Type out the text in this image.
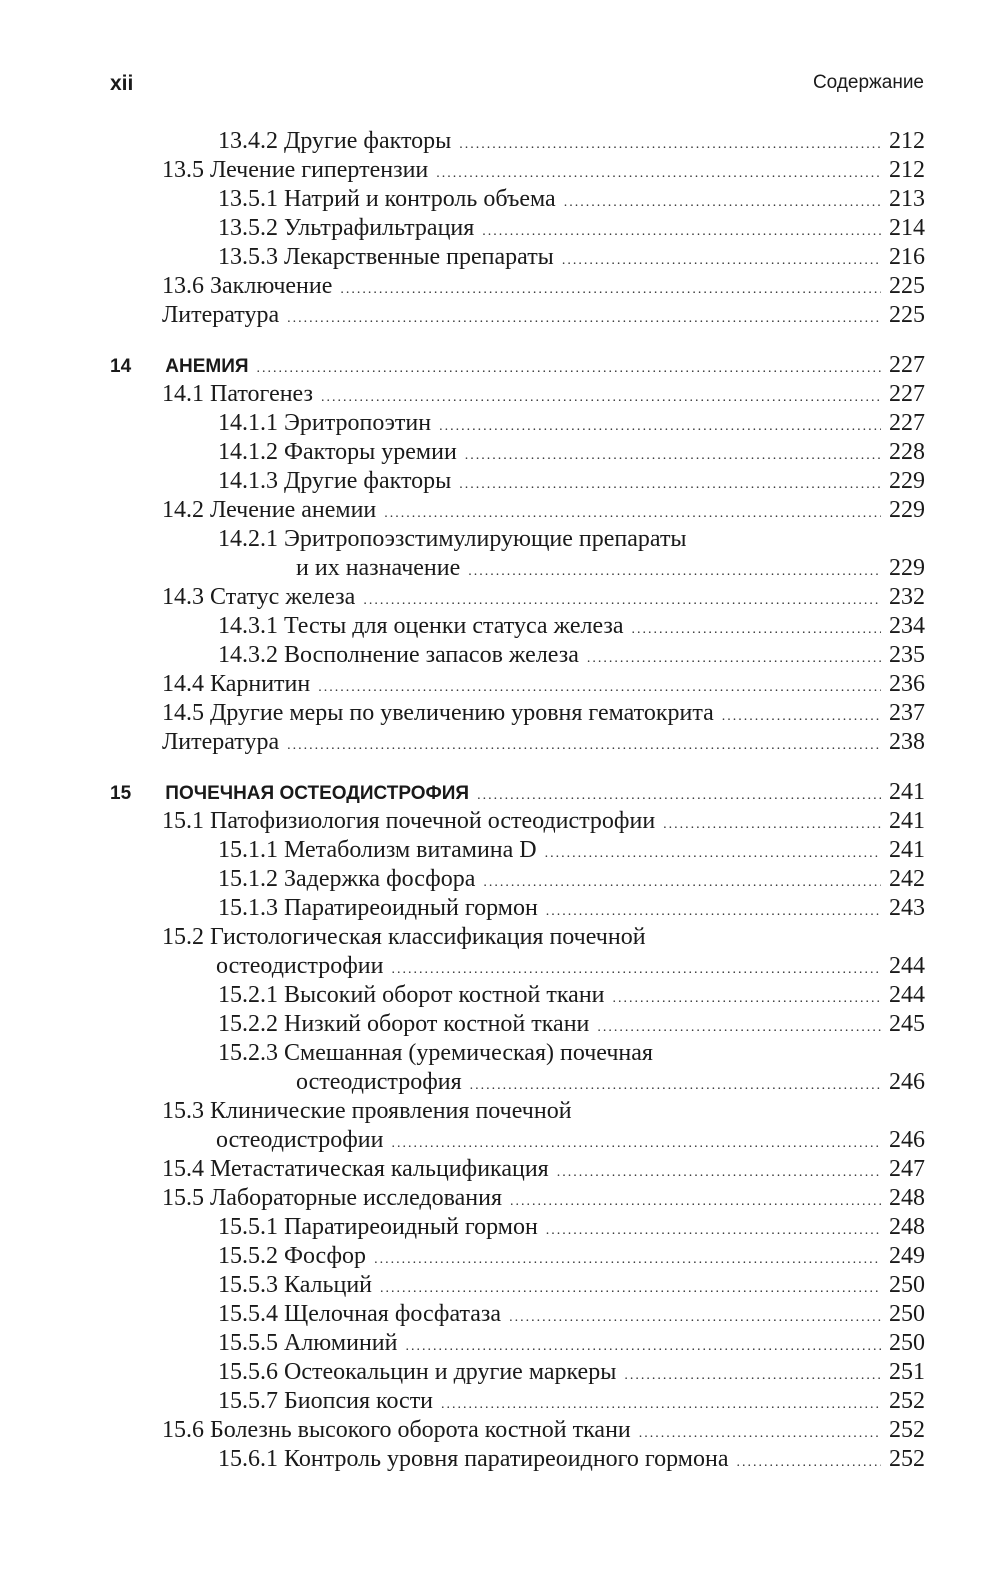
xii	Содержание
13.4.2 Другие факторы .....	212
13.5 Лечение гипертензии .....	212
13.5.1 Натрий и контроль объема .....	213
13.5.2 Ультрафильтрация .....	214
13.5.3 Лекарственные препараты .....	216
13.6 Заключение .....	225
Литература .....	225
14 АНЕМИЯ .....	227
14.1 Патогенез .....	227
14.1.1 Эритропоэтин .....	227
14.1.2 Факторы уремии .....	228
14.1.3 Другие факторы .....	229
14.2 Лечение анемии .....	229
14.2.1 Эритропоэзстимулирующие препараты
и их назначение .....	229
14.3 Статус железа .....	232
14.3.1 Тесты для оценки статуса железа .....	234
14.3.2 Восполнение запасов железа .....	235
14.4 Карнитин .....	236
14.5 Другие меры по увеличению уровня гематокрита .....	237
Литература .....	238
15 ПОЧЕЧНАЯ ОСТЕОДИСТРОФИЯ .....	241
15.1 Патофизиология почечной остеодистрофии .....	241
15.1.1 Метаболизм витамина D .....	241
15.1.2 Задержка фосфора .....	242
15.1.3 Паратиреоидный гормон .....	243
15.2 Гистологическая классификация почечной
остеодистрофии .....	244
15.2.1 Высокий оборот костной ткани .....	244
15.2.2 Низкий оборот костной ткани .....	245
15.2.3 Смешанная (уремическая) почечная
остеодистрофия .....	246
15.3 Клинические проявления почечной
остеодистрофии .....	246
15.4 Метастатическая кальцификация .....	247
15.5 Лабораторные исследования .....	248
15.5.1 Паратиреоидный гормон .....	248
15.5.2 Фосфор .....	249
15.5.3 Кальций .....	250
15.5.4 Щелочная фосфатаза .....	250
15.5.5 Алюминий .....	250
15.5.6 Остеокальцин и другие маркеры .....	251
15.5.7 Биопсия кости .....	252
15.6 Болезнь высокого оборота костной ткани .....	252
15.6.1 Контроль уровня паратиреоидного гормона .....	252
